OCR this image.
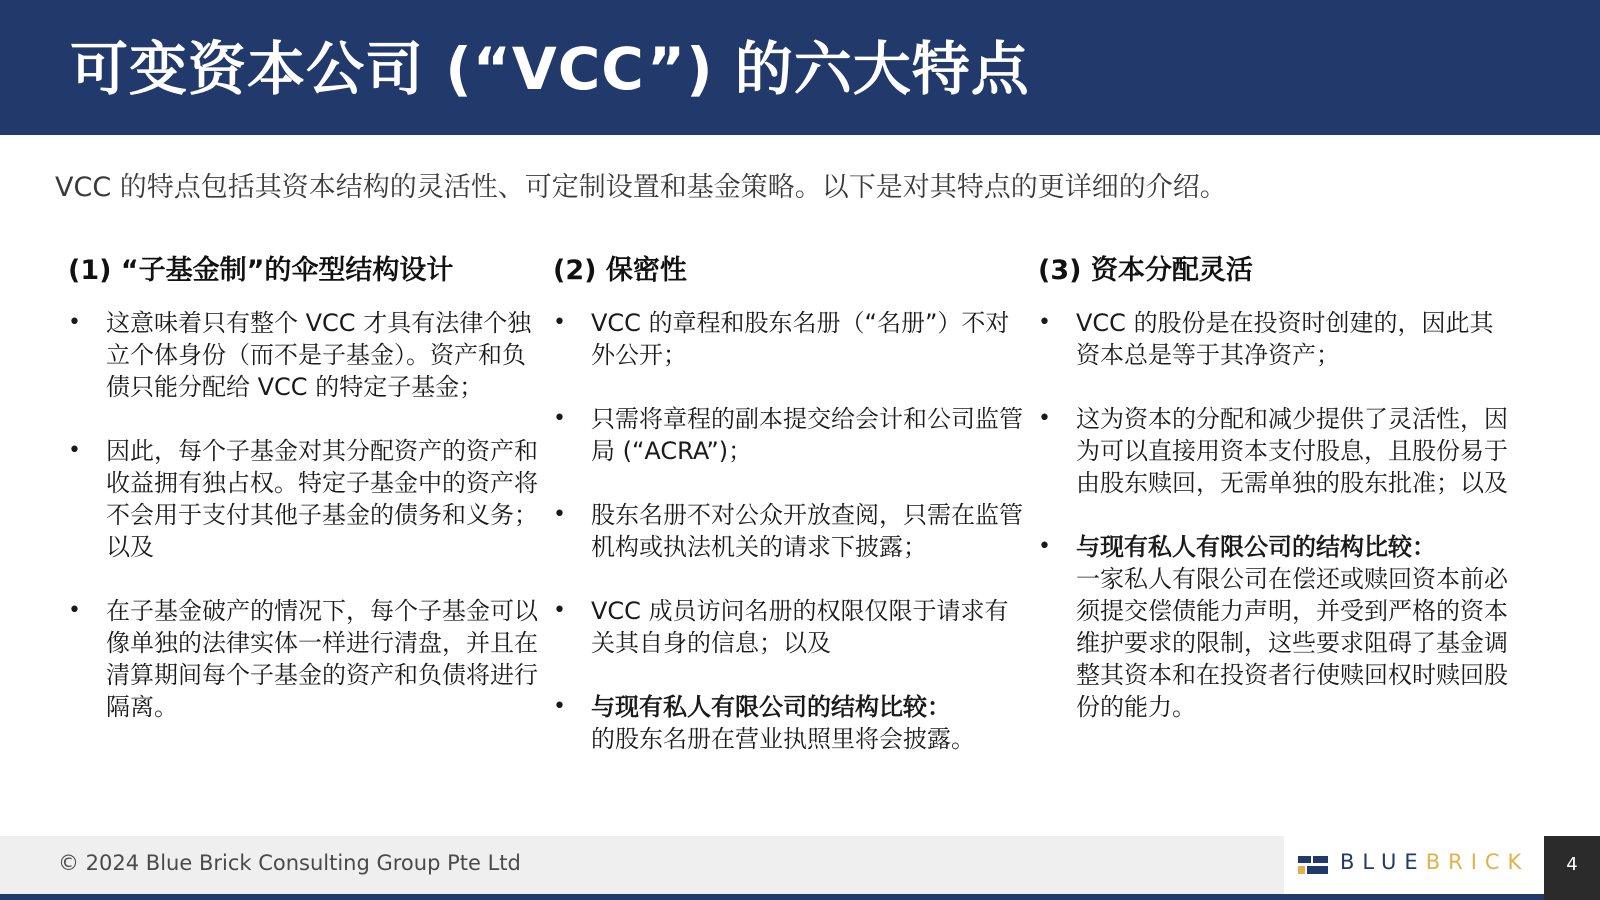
可变资本公司 (“VCC”) 的六大特点
VCC 的特点包括其资本结构的灵活性、可定制设置和基金策略。以下是对其特点的更详细的介绍。
(1) “子基金制”的伞型结构设计
• 这意味着只有整个 VCC 才具有法律个独立个体身份（而不是子基金）。资产和负债只能分配给 VCC 的特定子基金；
• 因此，每个子基金对其分配资产的资产和收益拥有独占权。特定子基金中的资产将不会用于支付其他子基金的债务和义务；以及
• 在子基金破产的情况下，每个子基金可以像单独的法律实体一样进行清盘，并且在清算期间每个子基金的资产和负债将进行隔离。
(2) 保密性
• VCC 的章程和股东名册（“名册”）不对外公开；
• 只需将章程的副本提交给会计和公司监管局 (“ACRA”)；
• 股东名册不对公众开放查阅，只需在监管机构或执法机关的请求下披露；
• VCC 成员访问名册的权限仅限于请求有关其自身的信息；以及
• 与现有私人有限公司的结构比较：
的股东名册在营业执照里将会披露。
(3) 资本分配灵活
• VCC 的股份是在投资时创建的，因此其资本总是等于其净资产；
• 这为资本的分配和减少提供了灵活性，因为可以直接用资本支付股息，且股份易于由股东赎回，无需单独的股东批准；以及
• 与现有私人有限公司的结构比较：
一家私人有限公司在偿还或赎回资本前必须提交偿债能力声明，并受到严格的资本维护要求的限制，这些要求阻碍了基金调整其资本和在投资者行使赎回权时赎回股份的能力。
© 2024 Blue Brick Consulting Group Pte Ltd	BLUEBRICK	4
